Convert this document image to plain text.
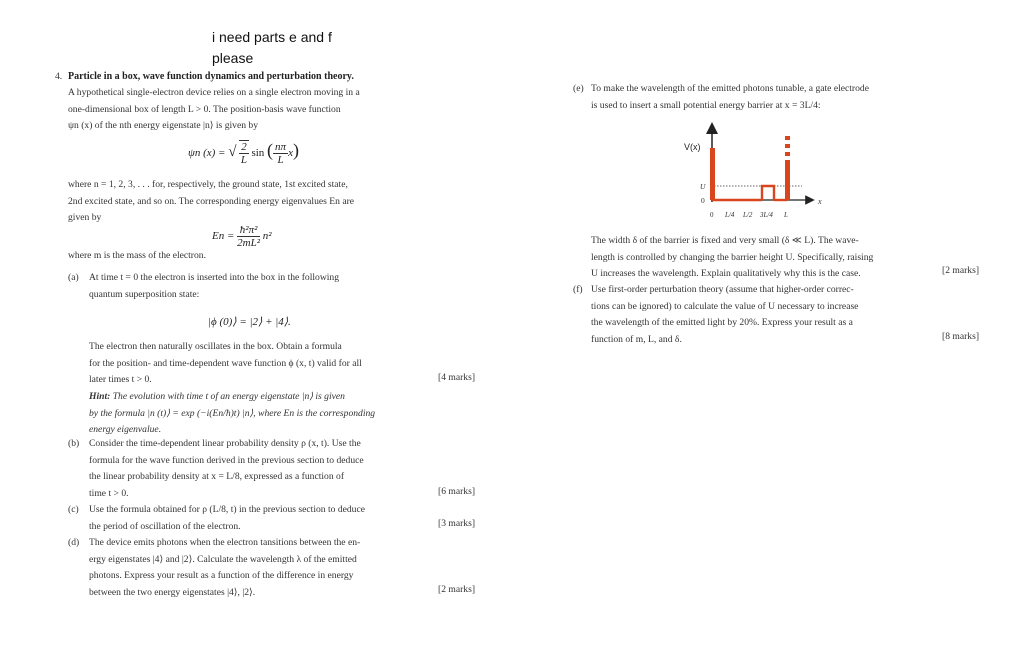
i need parts e and f
please
4. Particle in a box, wave function dynamics and perturbation theory.

A hypothetical single-electron device relies on a single electron moving in a

one-dimensional box of length L > 0. The position-basis wave function

ψn (x) of the nth energy eigenstate |n⟩ is given by

ψn (x) = √ $\frac{2}{L}$ sin ( $\frac{n\pi}{L} x$)

where n = 1, 2, 3, . . . for, respectively, the ground state, 1st excited state,

2nd excited state, and so on. The corresponding energy eigenvalues En are

given by

$En = \frac{\text{ħ²π²}}{\text{2mL²}} n^2$
where m is the mass of the electron.
(a) At time t = 0 the electron is inserted into the box in the following

quantum superposition state:

|ϕ (0)⟩ = |2⟩ + |4⟩.

The electron then naturally oscillates in the box. Obtain a formula

for the position- and time-dependent wave function ϕ (x, t) valid for all

later times t > 0.	[4 marks]

Hint: The evolution with time t of an energy eigenstate |n⟩ is given

by the formula |n (t)⟩ = exp (−i(En/ħ)t) |n⟩, where En is the corresponding

energy eigenvalue.

(b) Consider the time-dependent linear probability density ρ (x, t). Use the

formula for the wave function derived in the previous section to deduce

the linear probability density at x = L/8, expressed as a function of

time t > 0.	[6 marks]
(c) Use the formula obtained for ρ (L/8, t) in the previous section to deduce

the period of oscillation of the electron.	[3 marks]
(d) The device emits photons when the electron tansitions between the en-

ergy eigenstates |4⟩ and |2⟩. Calculate the wavelength λ of the emitted

photons. Express your result as a function of the difference in energy

between the two energy eigenstates |4⟩, |2⟩.	[2 marks]
(e) To make the wavelength of the emitted photons tunable, a gate electrode

is used to insert a small potential energy barrier at x = 3L/4:

V(x)
U
0	x
0 L/4 L/2 3L/4 L

The width δ of the barrier is fixed and very small (δ ≪ L). The wave-

length is controlled by changing the barrier height U. Specifically, raising

U increases the wavelength. Explain qualitatively why this is the case.	[2 marks]
(f) Use first-order perturbation theory (assume that higher-order correc-

tions can be ignored) to calculate the value of U necessary to increase

the wavelength of the emitted light by 20%. Express your result as a

function of m, L, and δ.	[8 marks]
